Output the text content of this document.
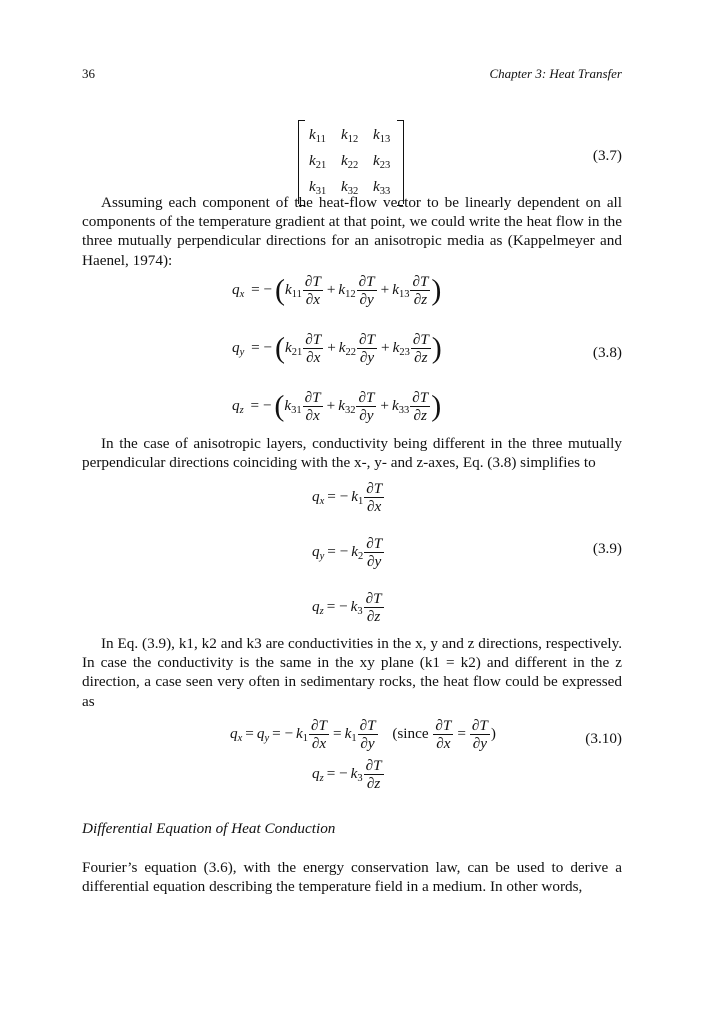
36	Chapter 3: Heat Transfer
$k_{11}$ $k_{12}$ $k_{13}$
$k_{21}$ $k_{22}$ $k_{23}$
$k_{31}$ $k_{32}$ $k_{33}$
(3.7)
Assuming each component of the heat-flow vector to be linearly dependent on all components of the temperature gradient at that point, we could write the heat flow in the three mutually perpendicular directions for an anisotropic media as (Kappelmeyer and Haenel, 1974):
$q_x$ = − ($k_{11} \frac{\partial T}{\partial x} + k_{12} \frac{\partial T}{\partial y} + k_{13} \frac{\partial T}{\partial z}$ )
$q_y$ = − ($k_{21} \frac{\partial T}{\partial x} + k_{22} \frac{\partial T}{\partial y} + k_{23} \frac{\partial T}{\partial z}$ )	(3.8)
$q_z$ = − ($k_{31} \frac{\partial T}{\partial x} + k_{32} \frac{\partial T}{\partial y} + k_{33} \frac{\partial T}{\partial z}$ )
In the case of anisotropic layers, conductivity being different in the three mutually perpendicular directions coinciding with the x-, y- and z-axes, Eq. (3.8) simplifies to
$q_x$ = − $k_1 \frac{\partial T}{\partial x}$
$q_y$ = − $k_2 \frac{\partial T}{\partial y}$	(3.9)
$q_z$ = − $k_3 \frac{\partial T}{\partial z}$
In Eq. (3.9), k1, k2 and k3 are conductivities in the x, y and z directions, respectively. In case the conductivity is the same in the xy plane (k1 = k2) and different in the z direction, a case seen very often in sedimentary rocks, the heat flow could be expressed as
$q_x = q_y$ = − $k_1 \frac{\partial T}{\partial x} = k_1 \frac{\partial T}{\partial y}$ (since $\frac{\partial T}{\partial x} = \frac{\partial T}{\partial y}$ )	(3.10)
$q_z$ = − $k_3 \frac{\partial T}{\partial z}$
Differential Equation of Heat Conduction
Fourier’s equation (3.6), with the energy conservation law, can be used to derive a differential equation describing the temperature field in a medium. In other words,
